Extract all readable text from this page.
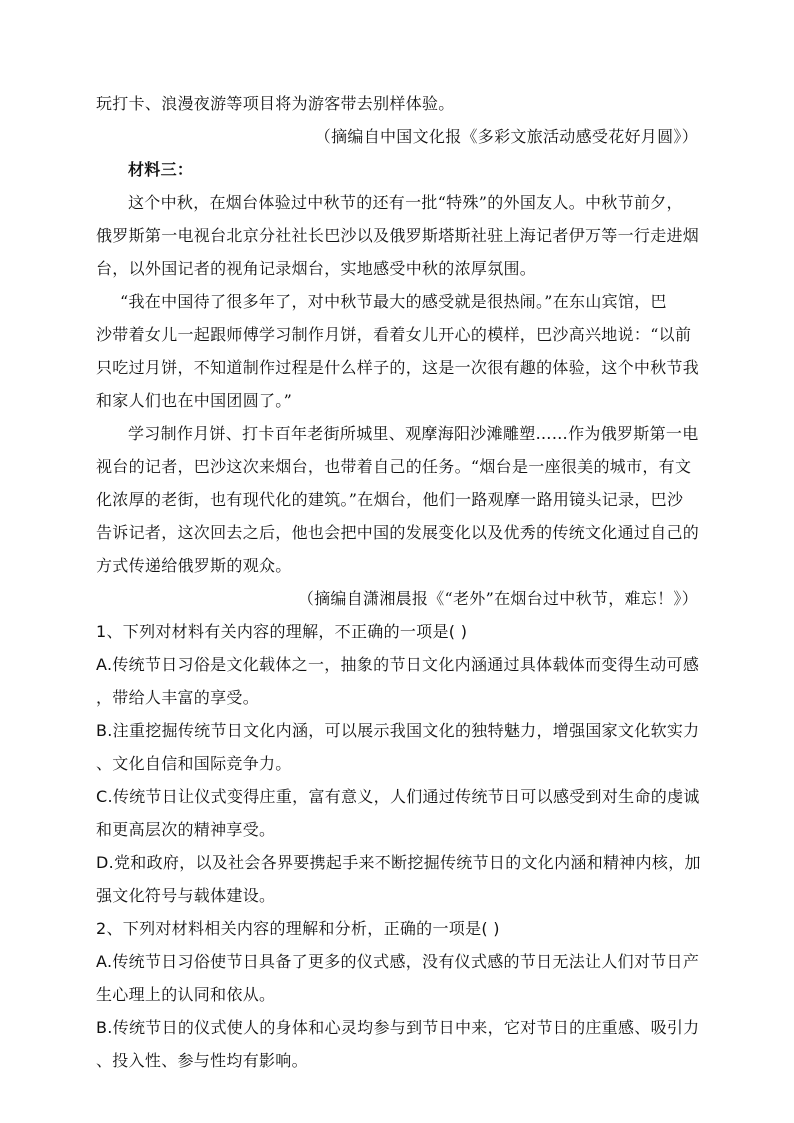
玩打卡、浪漫夜游等项目将为游客带去别样体验。
（摘编自中国文化报《多彩文旅活动感受花好月圆》）
材料三：
这个中秋，在烟台体验过中秋节的还有一批“特殊”的外国友人。中秋节前夕，
俄罗斯第一电视台北京分社社长巴沙以及俄罗斯塔斯社驻上海记者伊万等一行走进烟
台，以外国记者的视角记录烟台，实地感受中秋的浓厚氛围。
“我在中国待了很多年了，对中秋节最大的感受就是很热闹。”在东山宾馆，巴
沙带着女儿一起跟师傅学习制作月饼，看着女儿开心的模样，巴沙高兴地说：“以前
只吃过月饼，不知道制作过程是什么样子的，这是一次很有趣的体验，这个中秋节我
和家人们也在中国团圆了。”
学习制作月饼、打卡百年老街所城里、观摩海阳沙滩雕塑……作为俄罗斯第一电
视台的记者，巴沙这次来烟台，也带着自己的任务。“烟台是一座很美的城市，有文
化浓厚的老街，也有现代化的建筑。”在烟台，他们一路观摩一路用镜头记录，巴沙
告诉记者，这次回去之后，他也会把中国的发展变化以及优秀的传统文化通过自己的
方式传递给俄罗斯的观众。
（摘编自潇湘晨报《“老外”在烟台过中秋节，难忘！》）
1、下列对材料有关内容的理解，不正确的一项是( )
A.传统节日习俗是文化载体之一，抽象的节日文化内涵通过具体载体而变得生动可感
，带给人丰富的享受。
B.注重挖掘传统节日文化内涵，可以展示我国文化的独特魅力，增强国家文化软实力
、文化自信和国际竞争力。
C.传统节日让仪式变得庄重，富有意义，人们通过传统节日可以感受到对生命的虔诚
和更高层次的精神享受。
D.党和政府，以及社会各界要携起手来不断挖掘传统节日的文化内涵和精神内核，加
强文化符号与载体建设。
2、下列对材料相关内容的理解和分析，正确的一项是( )
A.传统节日习俗使节日具备了更多的仪式感，没有仪式感的节日无法让人们对节日产
生心理上的认同和依从。
B.传统节日的仪式使人的身体和心灵均参与到节日中来，它对节日的庄重感、吸引力
、投入性、参与性均有影响。
